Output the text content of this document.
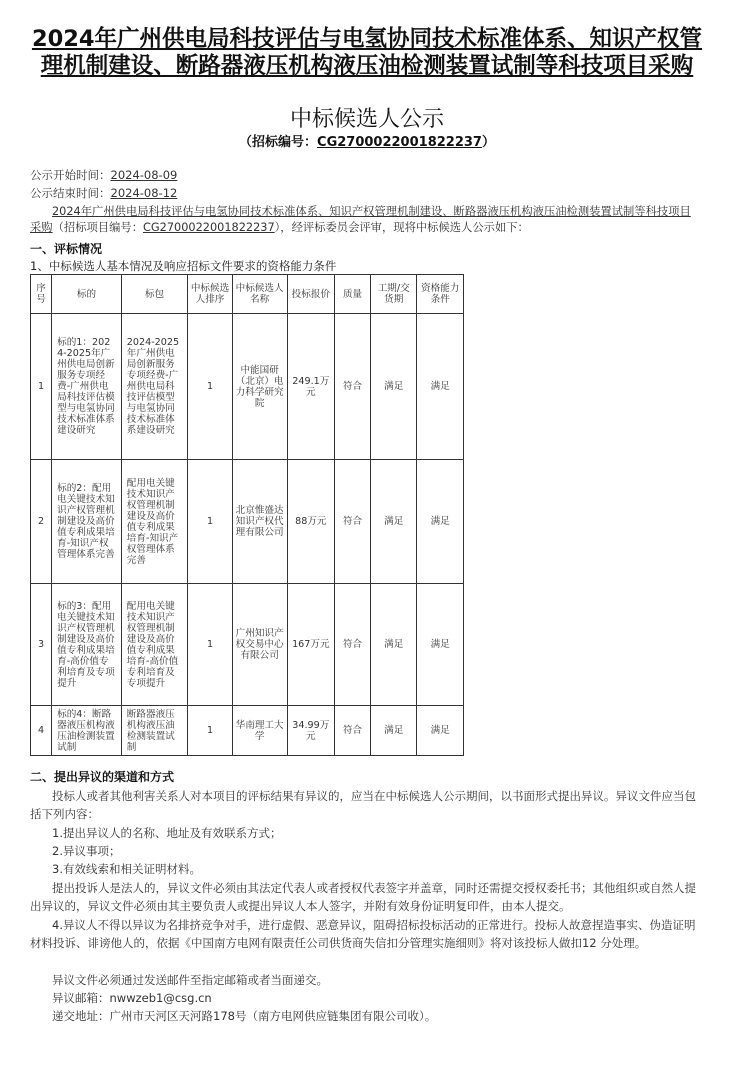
2024年广州供电局科技评估与电氢协同技术标准体系、知识产权管理机制建设、断路器液压机构液压油检测装置试制等科技项目采购
中标候选人公示
（招标编号：CG2700022001822237）
公示开始时间：2024-08-09
公示结束时间：2024-08-12
2024年广州供电局科技评估与电氢协同技术标准体系、知识产权管理机制建设、断路器液压机构液压油检测装置试制等科技项目采购（招标项目编号：CG2700022001822237），经评标委员会评审，现将中标候选人公示如下：
一、评标情况
1、中标候选人基本情况及响应招标文件要求的资格能力条件
序号	标的	标包	中标候选人排序	中标候选人名称	投标报价	质量	工期/交货期	资格能力条件
1	标的1：2024-2025年广州供电局创新服务专项经费-广州供电局科技评估模型与电氢协同技术标准体系建设研究	2024-2025年广州供电局创新服务专项经费-广州供电局科技评估模型与电氢协同技术标准体系建设研究	1	中能国研（北京）电力科学研究院	249.1万元	符合	满足	满足
2	标的2：配用电关键技术知识产权管理机制建设及高价值专利成果培育-知识产权管理体系完善	配用电关键技术知识产权管理机制建设及高价值专利成果培育-知识产权管理体系完善	1	北京惟盛达知识产权代理有限公司	88万元	符合	满足	满足
3	标的3：配用电关键技术知识产权管理机制建设及高价值专利成果培育-高价值专利培育及专项提升	配用电关键技术知识产权管理机制建设及高价值专利成果培育-高价值专利培育及专项提升	1	广州知识产权交易中心有限公司	167万元	符合	满足	满足
4	标的4：断路器液压机构液压油检测装置试制	断路器液压机构液压油检测装置试制	1	华南理工大学	34.99万元	符合	满足	满足
二、提出异议的渠道和方式
投标人或者其他利害关系人对本项目的评标结果有异议的，应当在中标候选人公示期间，以书面形式提出异议。异议文件应当包括下列内容：
1.提出异议人的名称、地址及有效联系方式；
2.异议事项；
3.有效线索和相关证明材料。
提出投诉人是法人的，异议文件必须由其法定代表人或者授权代表签字并盖章，同时还需提交授权委托书；其他组织或自然人提出异议的，异议文件必须由其主要负责人或提出异议人本人签字，并附有效身份证明复印件，由本人提交。
4.异议人不得以异议为名排挤竞争对手，进行虚假、恶意异议，阻碍招标投标活动的正常进行。投标人故意捏造事实、伪造证明材料投诉、诽谤他人的，依据《中国南方电网有限责任公司供货商失信扣分管理实施细则》将对该投标人做扣12 分处理。
异议文件必须通过发送邮件至指定邮箱或者当面递交。
异议邮箱：nwwzeb1@csg.cn
递交地址：广州市天河区天河路178号（南方电网供应链集团有限公司收）。
